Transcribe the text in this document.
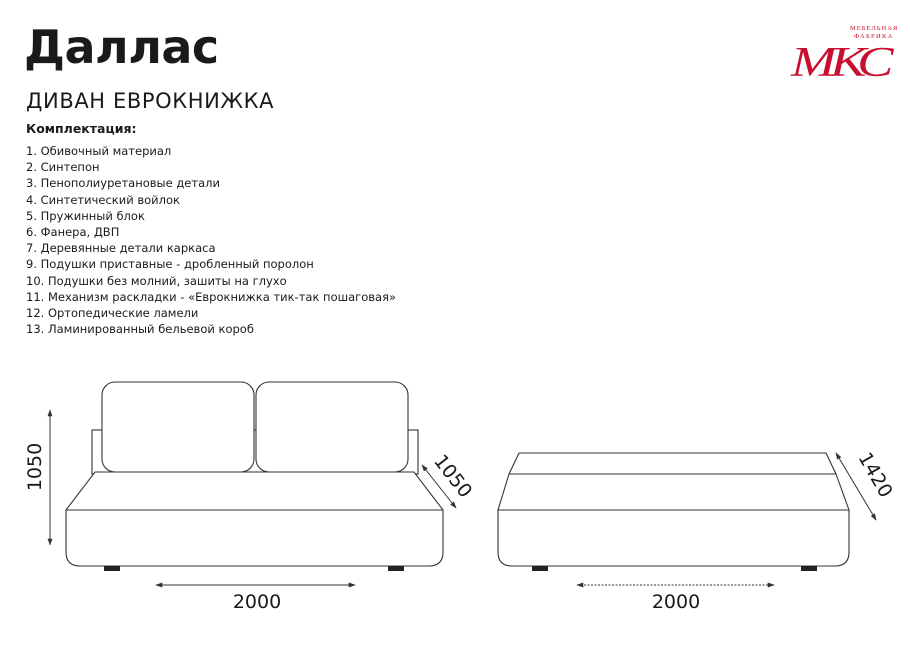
Даллас
ДИВАН ЕВРОКНИЖКА
Комплектация:
1. Обивочный материал
2. Синтепон
3. Пенополиуретановые детали
4. Синтетический войлок
5. Пружинный блок
6. Фанера, ДВП
7. Деревянные детали каркаса
9. Подушки приставные - дробленный поролон
10. Подушки без молний, зашиты на глухо
11. Механизм раскладки - «Еврокнижка тик-так пошаговая»
12. Ортопедические ламели
13. Ламинированный бельевой короб
МЕБЕЛЬНАЯ
ФАБРИКА
МКС
1050	1050
2000
1420
2000
